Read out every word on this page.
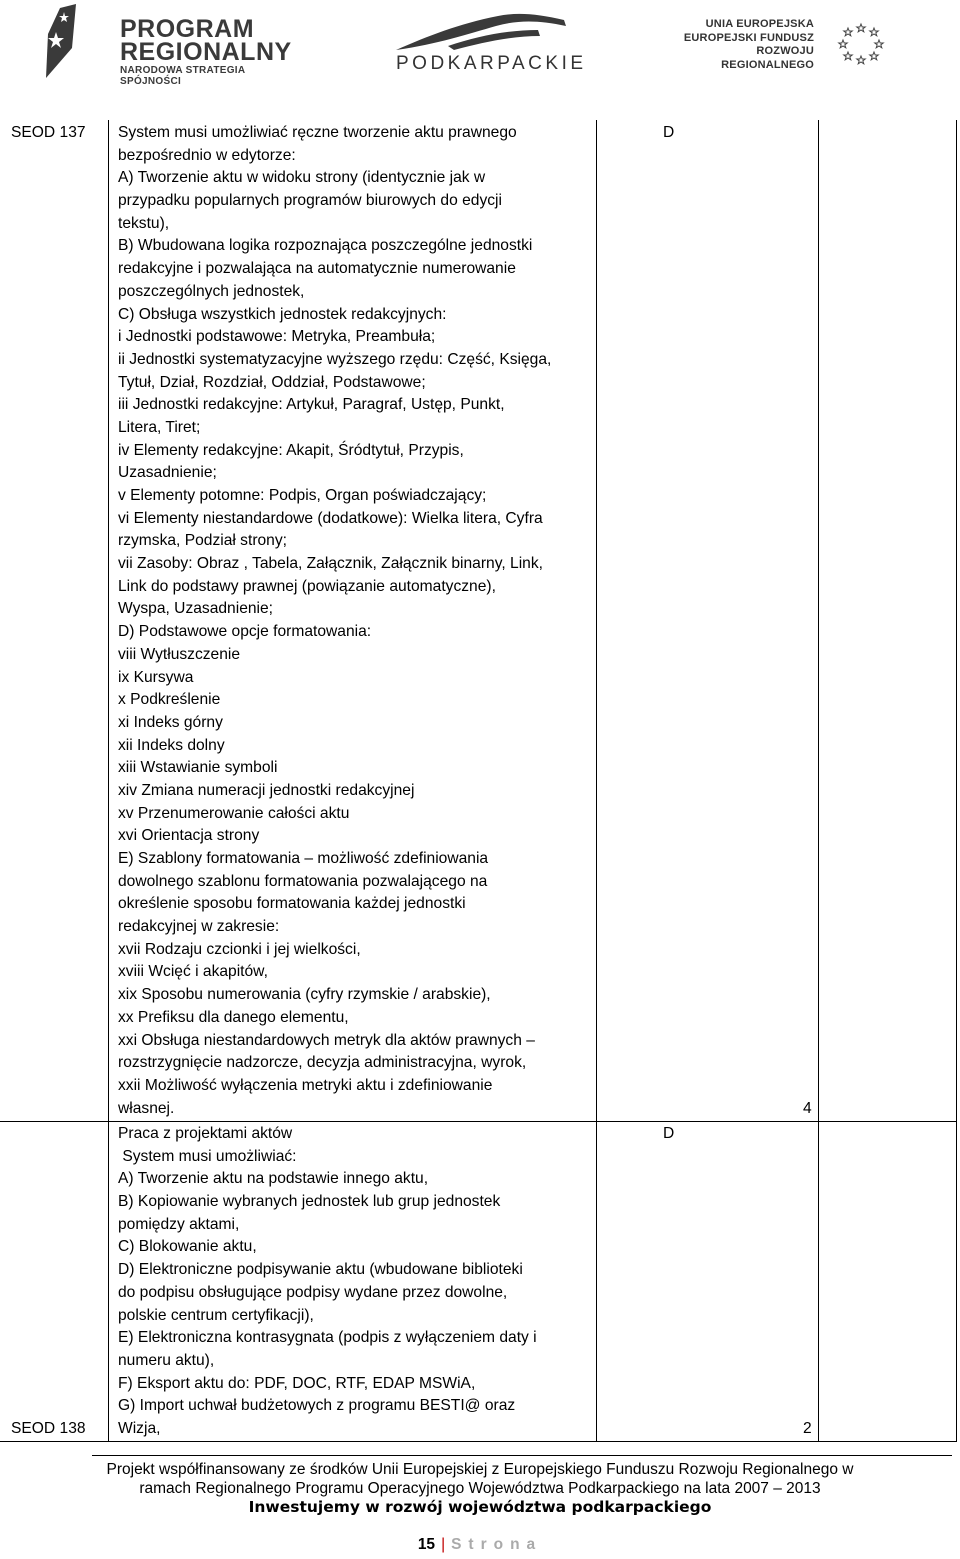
PROGRAM
REGIONALNY
NARODOWA STRATEGIA SPÓJNOŚCI
PODKARPACKIE
UNIA EUROPEJSKA
EUROPEJSKI FUNDUSZ
ROZWOJU REGIONALNEGO
SEOD 137 System musi umożliwiać ręczne tworzenie aktu prawnego
bezpośrednio w edytorze:
A) Tworzenie aktu w widoku strony (identycznie jak w
przypadku popularnych programów biurowych do edycji
tekstu),
B) Wbudowana logika rozpoznająca poszczególne jednostki
redakcyjne i pozwalająca na automatycznie numerowanie
poszczególnych jednostek,
C) Obsługa wszystkich jednostek redakcyjnych:
i Jednostki podstawowe: Metryka, Preambuła;
ii Jednostki systematyzacyjne wyższego rzędu: Część, Księga,
Tytuł, Dział, Rozdział, Oddział, Podstawowe;
iii Jednostki redakcyjne: Artykuł, Paragraf, Ustęp, Punkt,
Litera, Tiret;
iv Elementy redakcyjne: Akapit, Śródtytuł, Przypis,
Uzasadnienie;
v Elementy potomne: Podpis, Organ poświadczający;
vi Elementy niestandardowe (dodatkowe): Wielka litera, Cyfra
rzymska, Podział strony;
vii Zasoby: Obraz , Tabela, Załącznik, Załącznik binarny, Link,
Link do podstawy prawnej (powiązanie automatyczne),
Wyspa, Uzasadnienie;
D) Podstawowe opcje formatowania:
viii Wytłuszczenie
ix Kursywa
x Podkreślenie
xi Indeks górny
xii Indeks dolny
xiii Wstawianie symboli
xiv Zmiana numeracji jednostki redakcyjnej
xv Przenumerowanie całości aktu
xvi Orientacja strony
E) Szablony formatowania – możliwość zdefiniowania
dowolnego szablonu formatowania pozwalającego na
określenie sposobu formatowania każdej jednostki
redakcyjnej w zakresie:
xvii Rodzaju czcionki i jej wielkości,
xviii Wcięć i akapitów,
xix Sposobu numerowania (cyfry rzymskie / arabskie),
xx Prefiksu dla danego elementu,
xxi Obsługa niestandardowych metryk dla aktów prawnych –
rozstrzygnięcie nadzorcze, decyzja administracyjna, wyrok,
xxii Możliwość wyłączenia metryki aktu i zdefiniowanie
własnej.
D
4
SEOD 138
Praca z projektami aktów
System musi umożliwiać:
A) Tworzenie aktu na podstawie innego aktu,
B) Kopiowanie wybranych jednostek lub grup jednostek
pomiędzy aktami,
C) Blokowanie aktu,
D) Elektroniczne podpisywanie aktu (wbudowane biblioteki
do podpisu obsługujące podpisy wydane przez dowolne,
polskie centrum certyfikacji),
E) Elektroniczna kontrasygnata (podpis z wyłączeniem daty i
numeru aktu),
F) Eksport aktu do: PDF, DOC, RTF, EDAP MSWiA,
G) Import uchwał budżetowych z programu BESTI@ oraz
Wizja,
D
2
Projekt współfinansowany ze środków Unii Europejskiej z Europejskiego Funduszu Rozwoju Regionalnego w
ramach Regionalnego Programu Operacyjnego Województwa Podkarpackiego na lata 2007 – 2013
Inwestujemy w rozwój województwa podkarpackiego
15 | Strona
